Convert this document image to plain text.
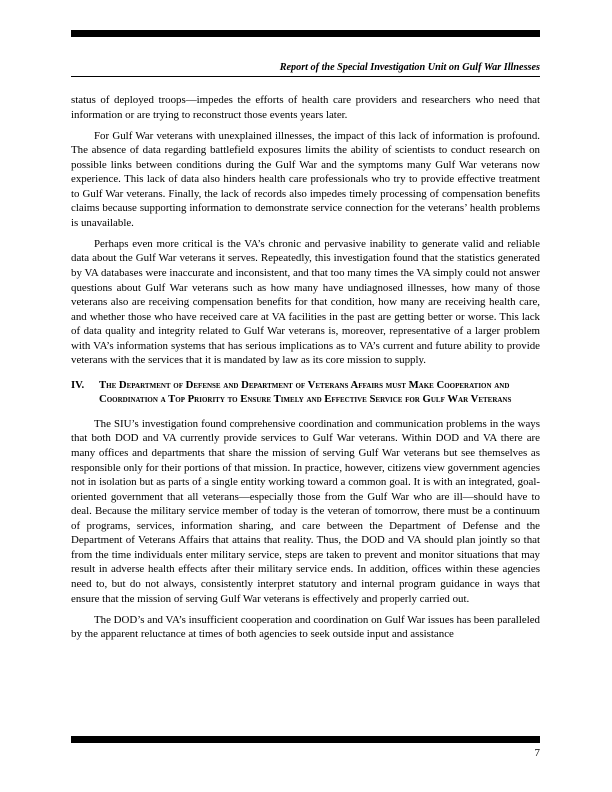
Report of the Special Investigation Unit on Gulf War Illnesses

status of deployed troops—impedes the efforts of health care providers and researchers who need that information or are trying to reconstruct those events years later.

For Gulf War veterans with unexplained illnesses, the impact of this lack of information is profound. The absence of data regarding battlefield exposures limits the ability of scientists to conduct research on possible links between conditions during the Gulf War and the symptoms many Gulf War veterans now experience. This lack of data also hinders health care professionals who try to provide effective treatment to Gulf War veterans. Finally, the lack of records also impedes timely processing of compensation benefits claims because supporting information to demonstrate service connection for the veterans’ health problems is unavailable.

Perhaps even more critical is the VA’s chronic and pervasive inability to generate valid and reliable data about the Gulf War veterans it serves. Repeatedly, this investigation found that the statistics generated by VA databases were inaccurate and inconsistent, and that too many times the VA simply could not answer questions about Gulf War veterans such as how many have undiagnosed illnesses, how many of those veterans also are receiving compensation benefits for that condition, how many are receiving health care, and whether those who have received care at VA facilities in the past are getting better or worse. This lack of data quality and integrity related to Gulf War veterans is, moreover, representative of a larger problem with VA’s information systems that has serious implications as to VA’s current and future ability to provide veterans with the services that it is mandated by law as its core mission to supply.

IV.	The Department of Defense and Department of Veterans Affairs must Make Cooperation and Coordination a Top Priority to Ensure Timely and Effective Service for Gulf War Veterans

The SIU’s investigation found comprehensive coordination and communication problems in the ways that both DOD and VA currently provide services to Gulf War veterans. Within DOD and VA there are many offices and departments that share the mission of serving Gulf War veterans but see themselves as responsible only for their portions of that mission. In practice, however, citizens view government agencies not in isolation but as parts of a single entity working toward a common goal. It is with an integrated, goal-oriented government that all veterans—especially those from the Gulf War who are ill—should have to deal. Because the military service member of today is the veteran of tomorrow, there must be a continuum of programs, services, information sharing, and care between the Department of Defense and the Department of Veterans Affairs that attains that reality. Thus, the DOD and VA should plan jointly so that from the time individuals enter military service, steps are taken to prevent and monitor situations that may result in adverse health effects after their military service ends. In addition, offices within these agencies need to, but do not always, consistently interpret statutory and internal program guidance in ways that ensure that the mission of serving Gulf War veterans is effectively and properly carried out.

The DOD’s and VA’s insufficient cooperation and coordination on Gulf War issues has been paralleled by the apparent reluctance at times of both agencies to seek outside input and assistance

7
